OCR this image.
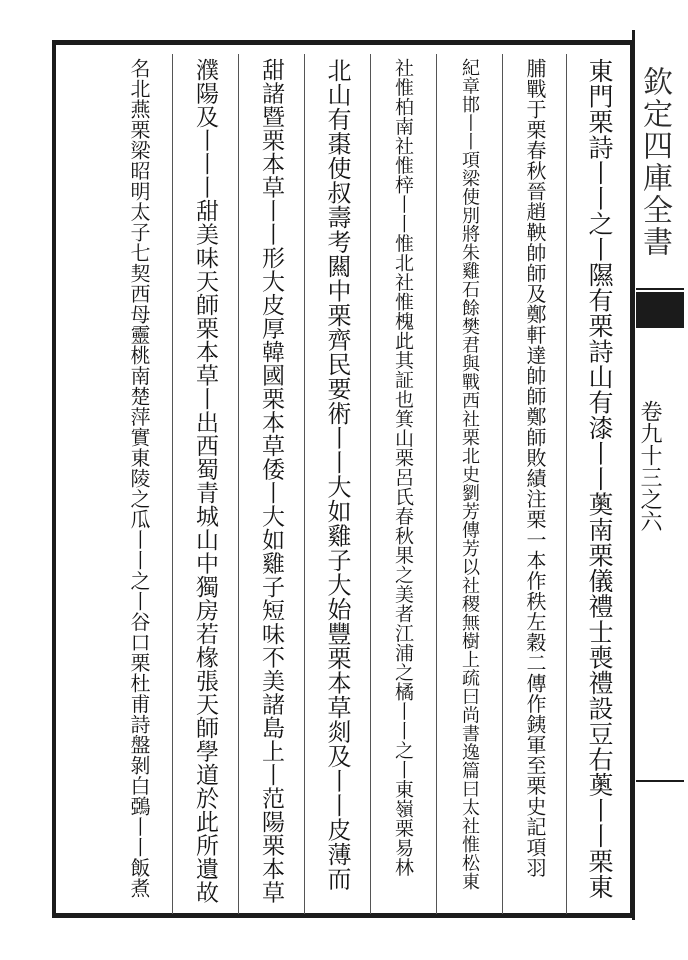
欽定四庫全書
卷九十三之六
東門栗詩丨丨之丨隰有栗詩山有漆丨丨薁南栗儀禮士喪禮設豆右薁丨丨栗東
脯戰于栗春秋晉趙鞅帥師及鄭軒達帥師鄭師敗績注栗一本作秩左穀二傳作銕軍至栗史記項羽
紀章邯丨丨項梁使別將朱雞石餘樊君與戰西社栗北史劉芳傳芳以社稷無樹上疏曰尚書逸篇曰太社惟松東
社惟柏南社惟梓丨丨惟北社惟槐此其証也箕山栗呂氏春秋果之美者江浦之橘丨丨之丨東嶺栗易林
北山有棗使叔壽考闗中栗齊民要術丨丨大如雞子大始豐栗本草剡及丨丨皮薄而
甜諸暨栗本草丨丨形大皮厚韓國栗本草倭丨大如雞子短味不美諸島上丨范陽栗本草
濮陽及丨丨丨甜美味天師栗本草丨出西蜀青城山中獨房若椽張天師學道於此所遺故
名北燕栗梁昭明太子七契西母靈桃南楚萍實東陵之瓜丨丨之丨谷口栗杜甫詩盤剝白鵶丨丨飯煮
